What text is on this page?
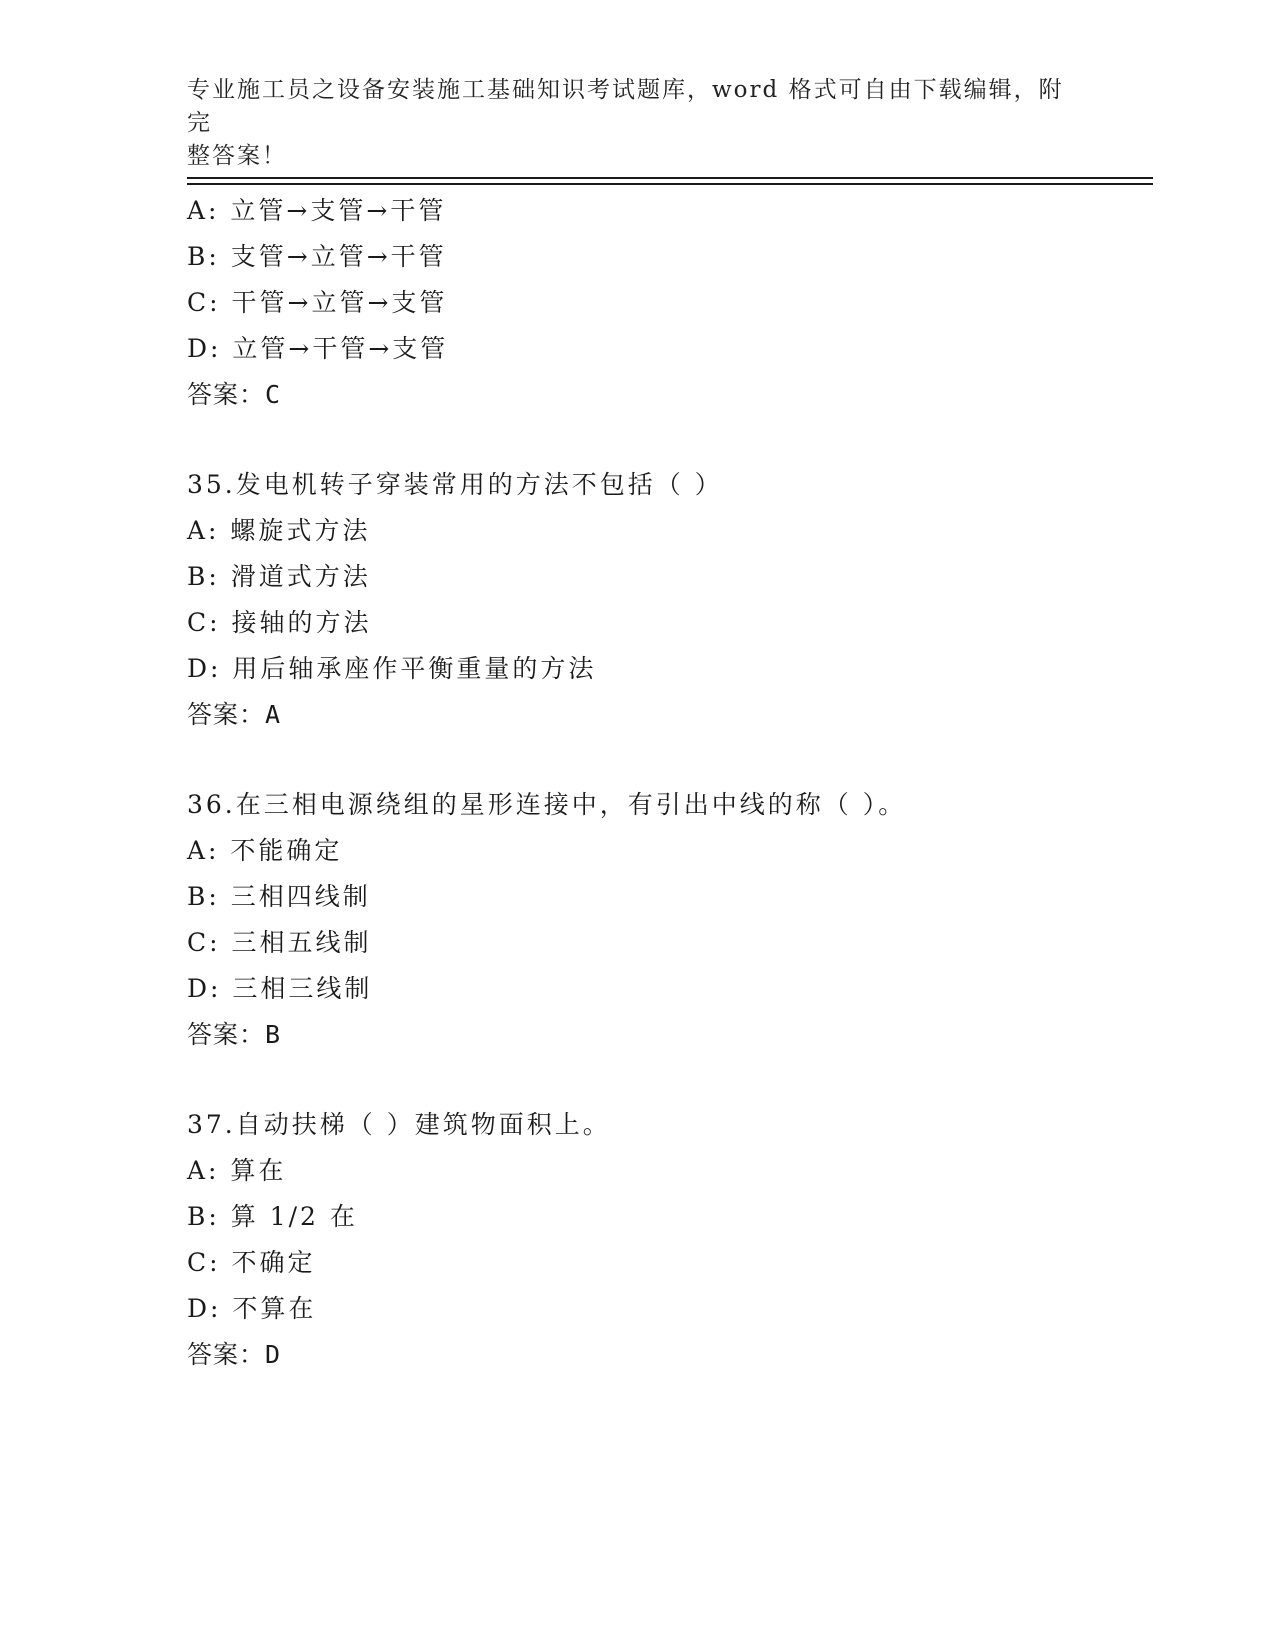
专业施工员之设备安装施工基础知识考试题库，word 格式可自由下载编辑，附完
整答案！
A: 立管→支管→干管
B: 支管→立管→干管
C: 干管→立管→支管
D: 立管→干管→支管
答案：C
35.发电机转子穿装常用的方法不包括（ ）
A: 螺旋式方法
B: 滑道式方法
C: 接轴的方法
D: 用后轴承座作平衡重量的方法
答案：A
36.在三相电源绕组的星形连接中，有引出中线的称（ ）。
A: 不能确定
B: 三相四线制
C: 三相五线制
D: 三相三线制
答案：B
37.自动扶梯（ ）建筑物面积上。
A: 算在
B: 算 1/2 在
C: 不确定
D: 不算在
答案：D
